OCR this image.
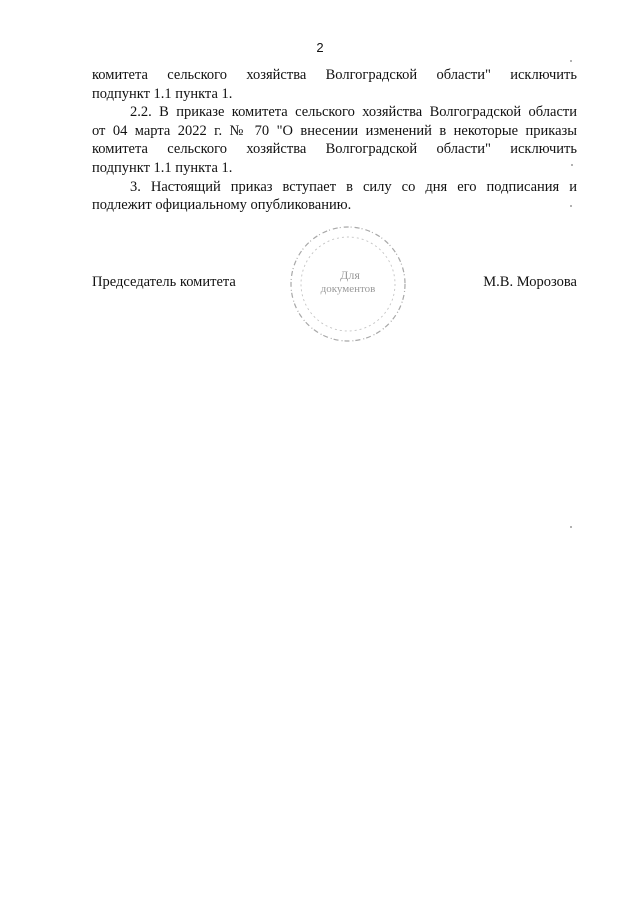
2

комитета сельского хозяйства Волгоградской области" исключить
подпункт 1.1 пункта 1.

2.2. В приказе комитета сельского хозяйства Волгоградской области
от 04 марта 2022 г. № 70 "О внесении изменений в некоторые приказы
комитета сельского хозяйства Волгоградской области" исключить
подпункт 1.1 пункта 1.

3. Настоящий приказ вступает в силу со дня его подписания и
подлежит официальному опубликованию.

Председатель комитета	М.В. Морозова
Для
документов
